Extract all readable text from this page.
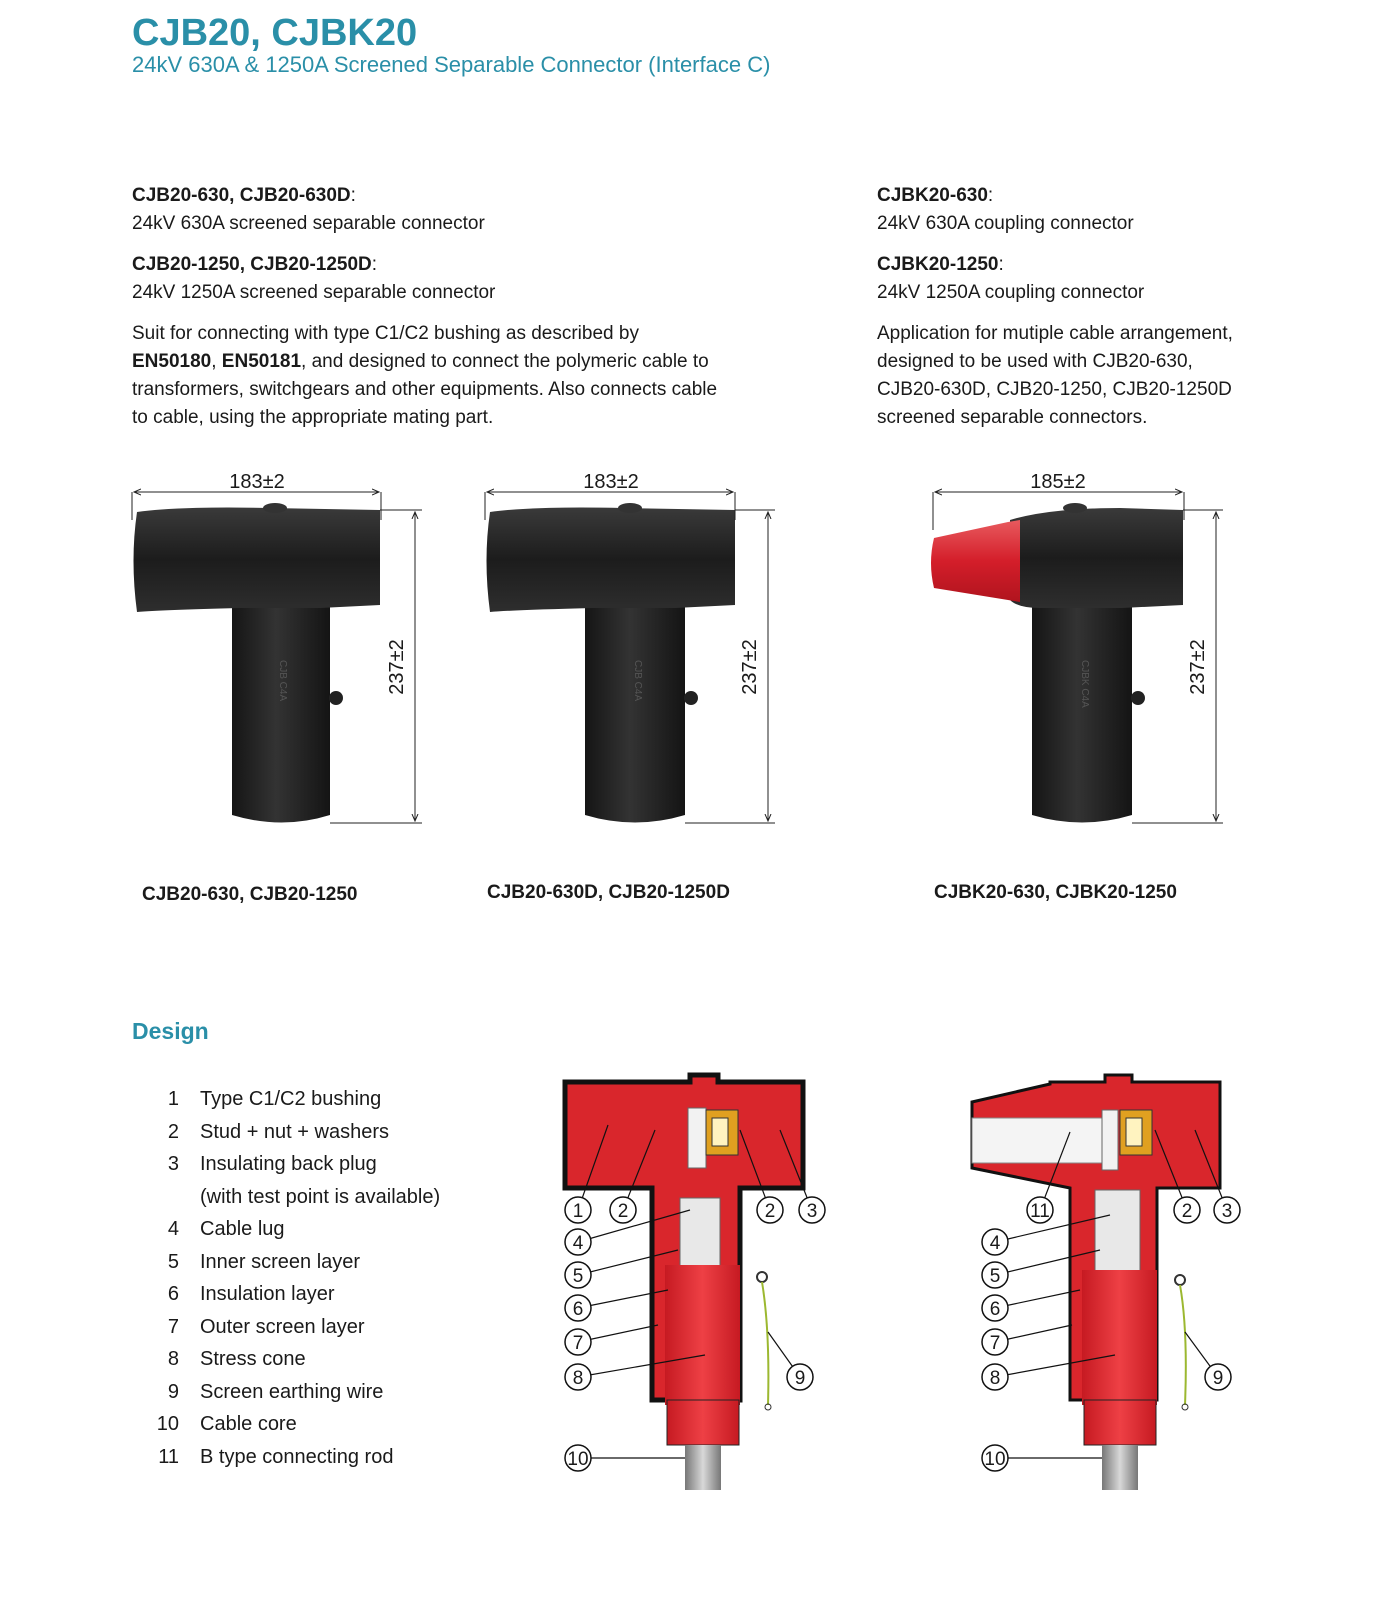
CJB20, CJBK20

24kV 630A & 1250A Screened Separable Connector (Interface C)

CJB20-630, CJB20-630D:

24kV 630A screened separable connector

CJB20-1250, CJB20-1250D:

24kV 1250A screened separable connector

Suit for connecting with type C1/C2 bushing as described by

EN50180, EN50181, and designed to connect the polymeric cable to

transformers, switchgears and other equipments. Also connects cable

to cable, using the appropriate mating part.

CJBK20-630:

24kV 630A coupling connector

CJBK20-1250:

24kV 1250A coupling connector

Application for mutiple cable arrangement,

designed to be used with CJB20-630,

CJB20-630D, CJB20-1250, CJB20-1250D

screened separable connectors.

CJB C4A
183±2
237±2	CJB C4A
183±2
237±2	CJBK C4A
185±2
237±2
CJB20-630, CJB20-1250	CJB20-630D, CJB20-1250D	CJBK20-630, CJBK20-1250
Design
1	Type C1/C2 bushing
2	Stud + nut + washers
3	Insulating back plug
(with test point is available)
4	Cable lug
5	Inner screen layer
6	Insulation layer
7	Outer screen layer
8	Stress cone
9	Screen earthing wire
10	Cable core
11	B type connecting rod
1 2	2 3
4
5
6
7
8	9
10
11	2 3
4
5
6
7
8	9
10
